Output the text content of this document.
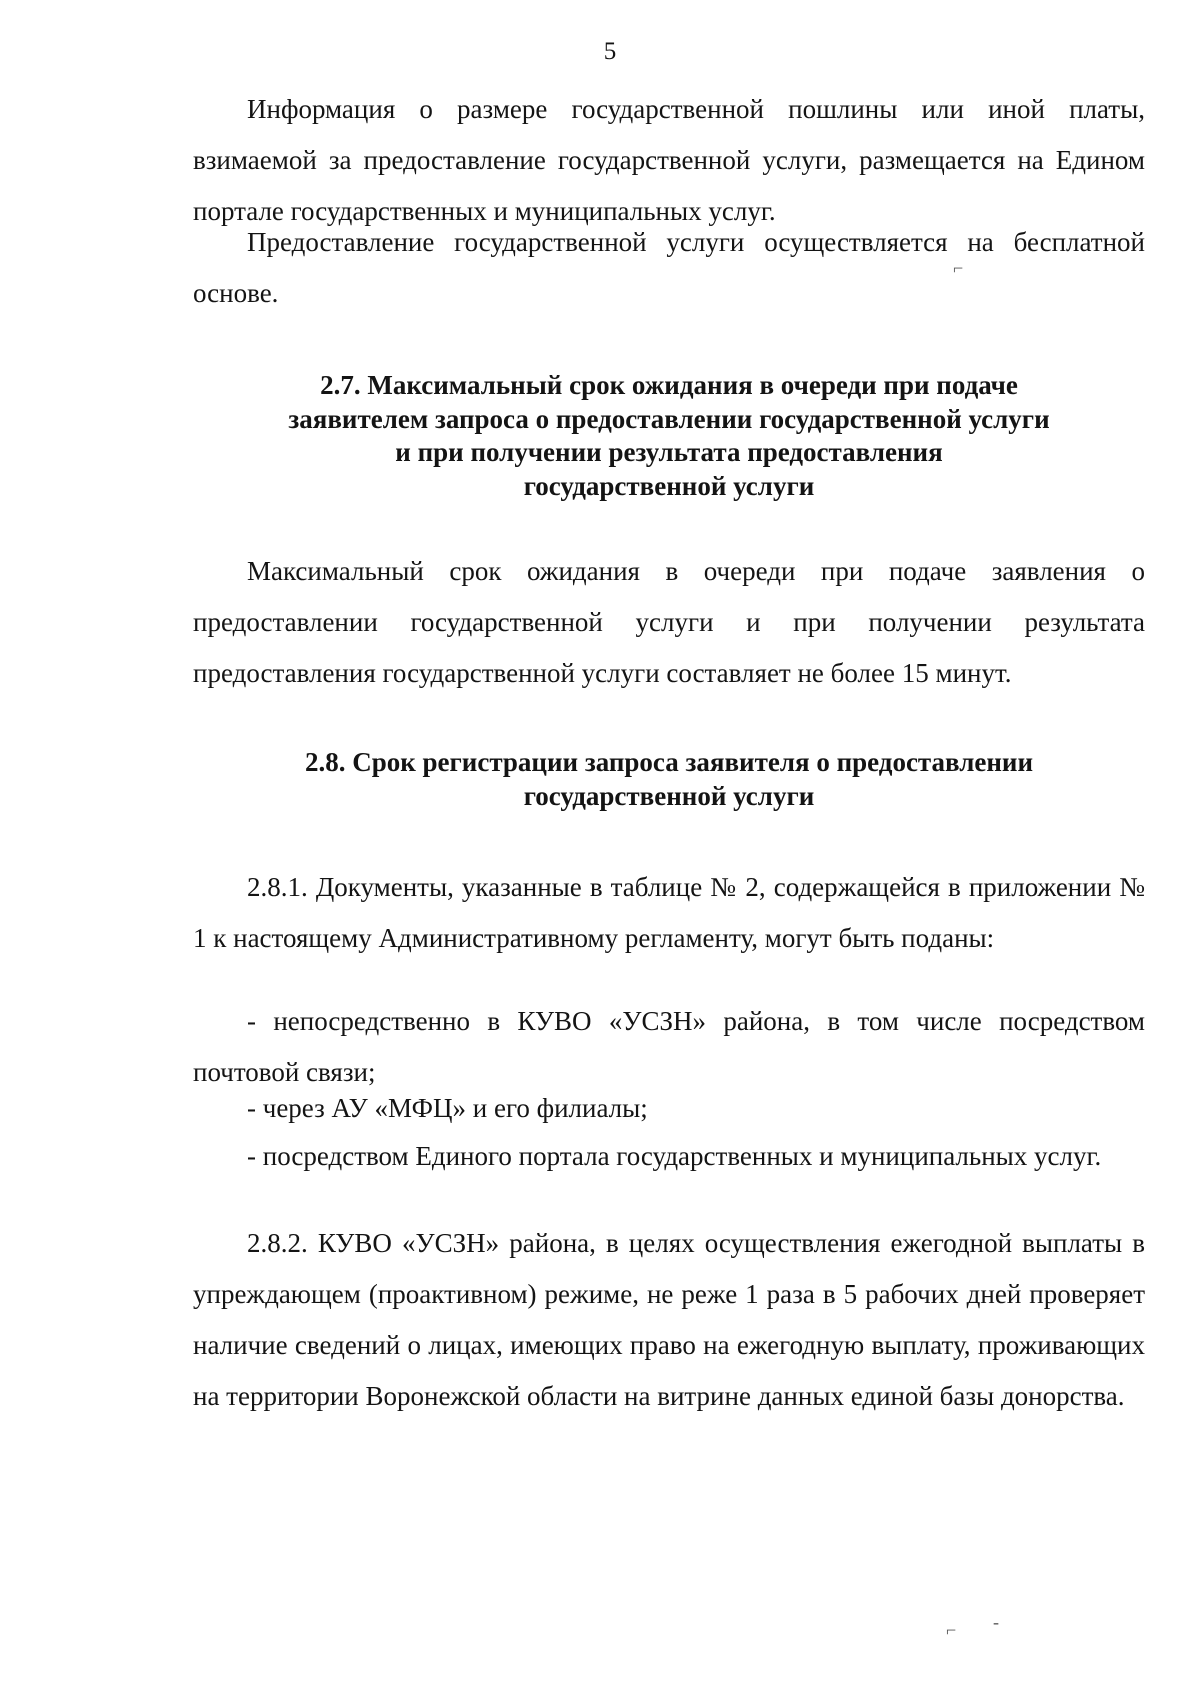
5
Информация о размере государственной пошлины или иной платы, взимаемой за предоставление государственной услуги, размещается на Едином портале государственных и муниципальных услуг.
Предоставление государственной услуги осуществляется на бесплатной основе.
2.7. Максимальный срок ожидания в очереди при подаче
заявителем запроса о предоставлении государственной услуги
и при получении результата предоставления
государственной услуги
Максимальный срок ожидания в очереди при подаче заявления о предоставлении государственной услуги и при получении результата предоставления государственной услуги составляет не более 15 минут.
2.8. Срок регистрации запроса заявителя о предоставлении
государственной услуги
2.8.1. Документы, указанные в таблице № 2, содержащейся в приложении № 1 к настоящему Административному регламенту, могут быть поданы:
- непосредственно в КУВО «УСЗН» района, в том числе посредством почтовой связи;
- через АУ «МФЦ» и его филиалы;
- посредством Единого портала государственных и муниципальных услуг.
2.8.2. КУВО «УСЗН» района, в целях осуществления ежегодной выплаты в упреждающем (проактивном) режиме, не реже 1 раза в 5 рабочих дней проверяет наличие сведений о лицах, имеющих право на ежегодную выплату, проживающих на территории Воронежской области на витрине данных единой базы донорства.
⌐
⌐ -
